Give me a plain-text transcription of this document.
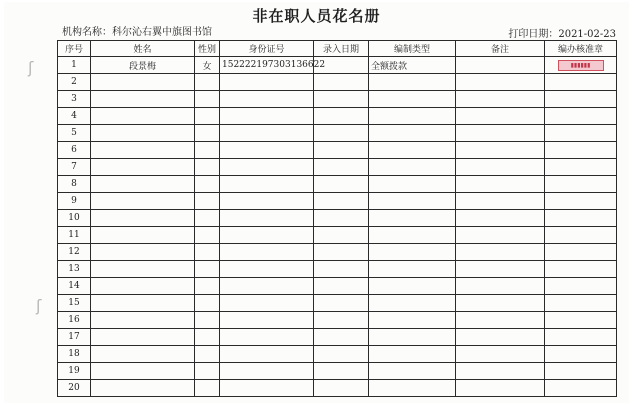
ʃ
ʃ
非在职人员花名册
机构名称：科尔沁右翼中旗图书馆	打印日期：2021-02-23
序号	姓名	性别	身份证号	录入日期	编制类型	备注	编办核准章
1	段景梅	女	152222197303136622		全额拨款		▮▮▮▮▮▮
2							
3							
4							
5							
6							
7							
8							
9							
10							
11							
12							
13							
14							
15							
16							
17							
18							
19							
20							
